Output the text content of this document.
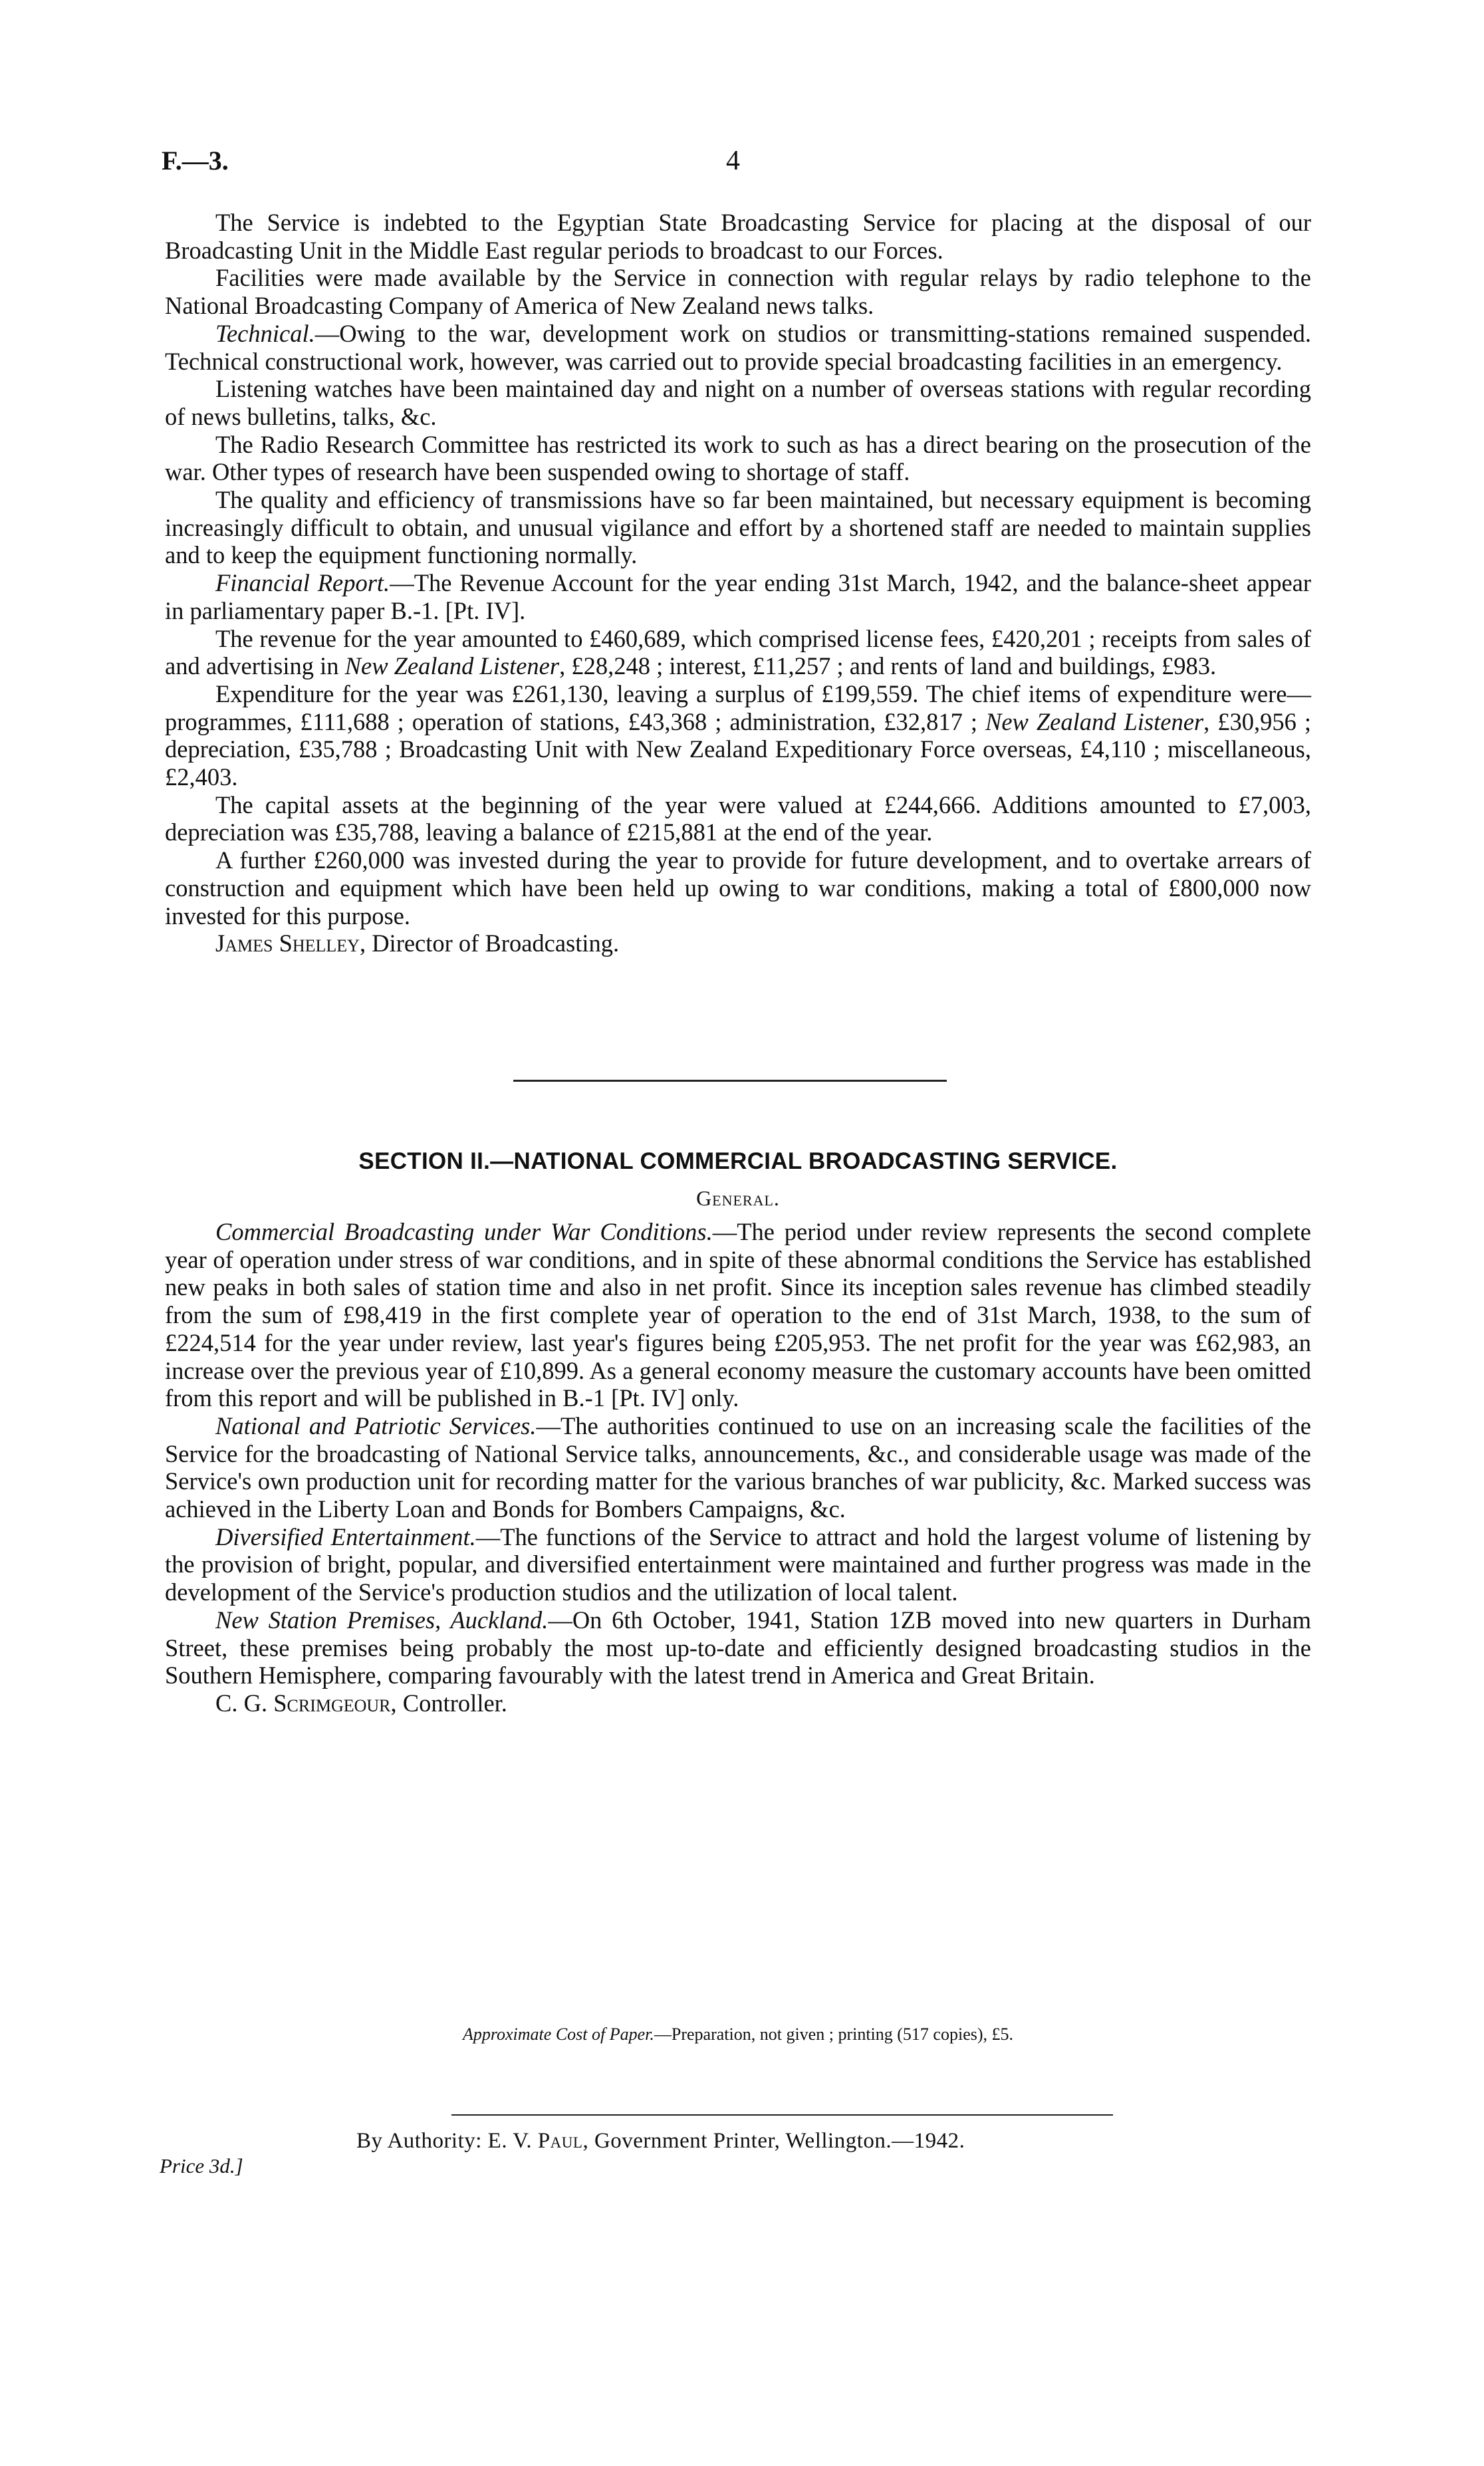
F.—3.	4

The Service is indebted to the Egyptian State Broadcasting Service for placing at the disposal of our Broadcasting Unit in the Middle East regular periods to broadcast to our Forces.

Facilities were made available by the Service in connection with regular relays by radio telephone to the National Broadcasting Company of America of New Zealand news talks.

Technical.—Owing to the war, development work on studios or transmitting-stations remained suspended. Technical constructional work, however, was carried out to provide special broadcasting facilities in an emergency.

Listening watches have been maintained day and night on a number of overseas stations with regular recording of news bulletins, talks, &c.

The Radio Research Committee has restricted its work to such as has a direct bearing on the prosecution of the war. Other types of research have been suspended owing to shortage of staff.

The quality and efficiency of transmissions have so far been maintained, but necessary equipment is becoming increasingly difficult to obtain, and unusual vigilance and effort by a shortened staff are needed to maintain supplies and to keep the equipment functioning normally.

Financial Report.—The Revenue Account for the year ending 31st March, 1942, and the balance-sheet appear in parliamentary paper B.-1. [Pt. IV].

The revenue for the year amounted to £460,689, which comprised license fees, £420,201 ; receipts from sales of and advertising in New Zealand Listener, £28,248 ; interest, £11,257 ; and rents of land and buildings, £983.

Expenditure for the year was £261,130, leaving a surplus of £199,559. The chief items of expenditure were—programmes, £111,688 ; operation of stations, £43,368 ; administration, £32,817 ; New Zealand Listener, £30,956 ; depreciation, £35,788 ; Broadcasting Unit with New Zealand Expeditionary Force overseas, £4,110 ; miscellaneous, £2,403.

The capital assets at the beginning of the year were valued at £244,666. Additions amounted to £7,003, depreciation was £35,788, leaving a balance of £215,881 at the end of the year.

A further £260,000 was invested during the year to provide for future development, and to overtake arrears of construction and equipment which have been held up owing to war conditions, making a total of £800,000 now invested for this purpose.

James Shelley, Director of Broadcasting.

SECTION II.—NATIONAL COMMERCIAL BROADCASTING SERVICE.
General.

Commercial Broadcasting under War Conditions.—The period under review represents the second complete year of operation under stress of war conditions, and in spite of these abnormal conditions the Service has established new peaks in both sales of station time and also in net profit. Since its inception sales revenue has climbed steadily from the sum of £98,419 in the first complete year of operation to the end of 31st March, 1938, to the sum of £224,514 for the year under review, last year's figures being £205,953. The net profit for the year was £62,983, an increase over the previous year of £10,899. As a general economy measure the customary accounts have been omitted from this report and will be published in B.-1 [Pt. IV] only.

National and Patriotic Services.—The authorities continued to use on an increasing scale the facilities of the Service for the broadcasting of National Service talks, announcements, &c., and considerable usage was made of the Service's own production unit for recording matter for the various branches of war publicity, &c. Marked success was achieved in the Liberty Loan and Bonds for Bombers Campaigns, &c.

Diversified Entertainment.—The functions of the Service to attract and hold the largest volume of listening by the provision of bright, popular, and diversified entertainment were maintained and further progress was made in the development of the Service's production studios and the utilization of local talent.

New Station Premises, Auckland.—On 6th October, 1941, Station 1ZB moved into new quarters in Durham Street, these premises being probably the most up-to-date and efficiently designed broadcasting studios in the Southern Hemisphere, comparing favourably with the latest trend in America and Great Britain.

C. G. Scrimgeour, Controller.

Approximate Cost of Paper.—Preparation, not given ; printing (517 copies), £5.
By Authority: E. V. Paul, Government Printer, Wellington.—1942.
Price 3d.]
